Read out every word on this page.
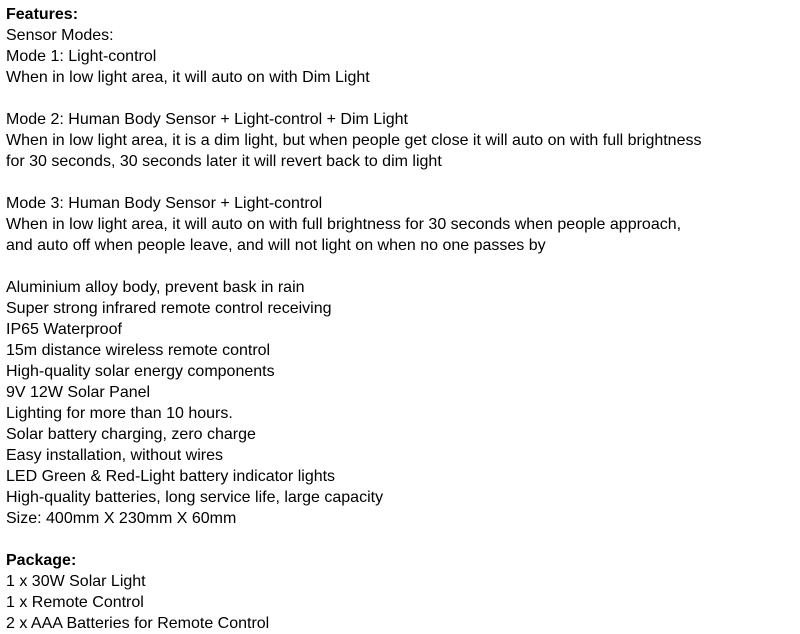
Features:
Sensor Modes:
Mode 1: Light-control
When in low light area, it will auto on with Dim Light
Mode 2: Human Body Sensor + Light-control + Dim Light
When in low light area, it is a dim light, but when people get close it will auto on with full brightness
for 30 seconds, 30 seconds later it will revert back to dim light
Mode 3: Human Body Sensor + Light-control
When in low light area, it will auto on with full brightness for 30 seconds when people approach,
and auto off when people leave, and will not light on when no one passes by
Aluminium alloy body, prevent bask in rain
Super strong infrared remote control receiving
IP65 Waterproof
15m distance wireless remote control
High-quality solar energy components
9V 12W Solar Panel
Lighting for more than 10 hours.
Solar battery charging, zero charge
Easy installation, without wires
LED Green & Red-Light battery indicator lights
High-quality batteries, long service life, large capacity
Size: 400mm X 230mm X 60mm
Package:
1 x 30W Solar Light
1 x Remote Control
2 x AAA Batteries for Remote Control
